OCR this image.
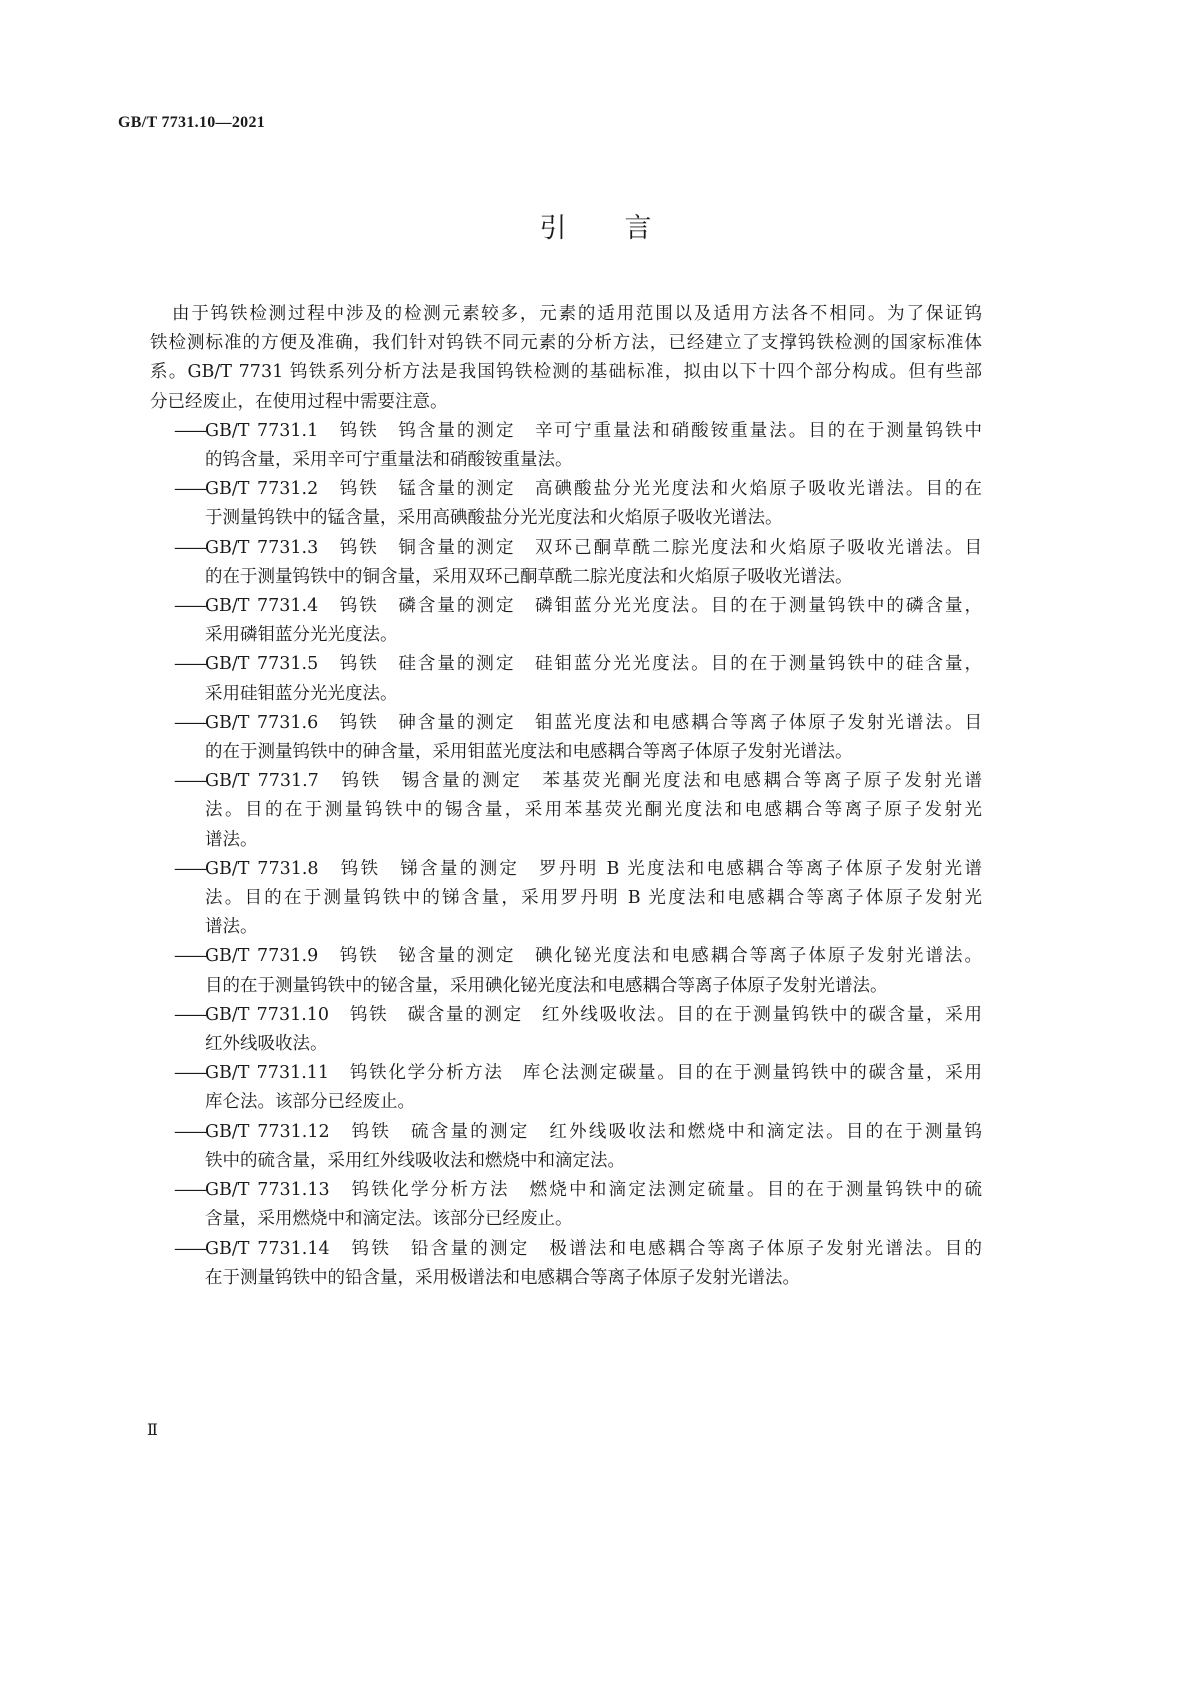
GB/T 7731.10—2021
引言
由于钨铁检测过程中涉及的检测元素较多，元素的适用范围以及适用方法各不相同。为了保证钨
铁检测标准的方便及准确，我们针对钨铁不同元素的分析方法，已经建立了支撑钨铁检测的国家标准体
系。GB/T 7731 钨铁系列分析方法是我国钨铁检测的基础标准，拟由以下十四个部分构成。但有些部
分已经废止，在使用过程中需要注意。
—— GB/T 7731.1　钨铁　钨含量的测定　辛可宁重量法和硝酸铵重量法。目的在于测量钨铁中
的钨含量，采用辛可宁重量法和硝酸铵重量法。
—— GB/T 7731.2　钨铁　锰含量的测定　高碘酸盐分光光度法和火焰原子吸收光谱法。目的在
于测量钨铁中的锰含量，采用高碘酸盐分光光度法和火焰原子吸收光谱法。
—— GB/T 7731.3　钨铁　铜含量的测定　双环己酮草酰二腙光度法和火焰原子吸收光谱法。目
的在于测量钨铁中的铜含量，采用双环己酮草酰二腙光度法和火焰原子吸收光谱法。
—— GB/T 7731.4　钨铁　磷含量的测定　磷钼蓝分光光度法。目的在于测量钨铁中的磷含量，
采用磷钼蓝分光光度法。
—— GB/T 7731.5　钨铁　硅含量的测定　硅钼蓝分光光度法。目的在于测量钨铁中的硅含量，
采用硅钼蓝分光光度法。
—— GB/T 7731.6　钨铁　砷含量的测定　钼蓝光度法和电感耦合等离子体原子发射光谱法。目
的在于测量钨铁中的砷含量，采用钼蓝光度法和电感耦合等离子体原子发射光谱法。
—— GB/T 7731.7　钨铁　锡含量的测定　苯基荧光酮光度法和电感耦合等离子原子发射光谱
法。目的在于测量钨铁中的锡含量，采用苯基荧光酮光度法和电感耦合等离子原子发射光
谱法。
—— GB/T 7731.8　钨铁　锑含量的测定　罗丹明 B 光度法和电感耦合等离子体原子发射光谱
法。目的在于测量钨铁中的锑含量，采用罗丹明 B 光度法和电感耦合等离子体原子发射光
谱法。
—— GB/T 7731.9　钨铁　铋含量的测定　碘化铋光度法和电感耦合等离子体原子发射光谱法。
目的在于测量钨铁中的铋含量，采用碘化铋光度法和电感耦合等离子体原子发射光谱法。
—— GB/T 7731.10　钨铁　碳含量的测定　红外线吸收法。目的在于测量钨铁中的碳含量，采用
红外线吸收法。
—— GB/T 7731.11　钨铁化学分析方法　库仑法测定碳量。目的在于测量钨铁中的碳含量，采用
库仑法。该部分已经废止。
—— GB/T 7731.12　钨铁　硫含量的测定　红外线吸收法和燃烧中和滴定法。目的在于测量钨
铁中的硫含量，采用红外线吸收法和燃烧中和滴定法。
—— GB/T 7731.13　钨铁化学分析方法　燃烧中和滴定法测定硫量。目的在于测量钨铁中的硫
含量，采用燃烧中和滴定法。该部分已经废止。
—— GB/T 7731.14　钨铁　铅含量的测定　极谱法和电感耦合等离子体原子发射光谱法。目的
在于测量钨铁中的铅含量，采用极谱法和电感耦合等离子体原子发射光谱法。
Ⅱ
